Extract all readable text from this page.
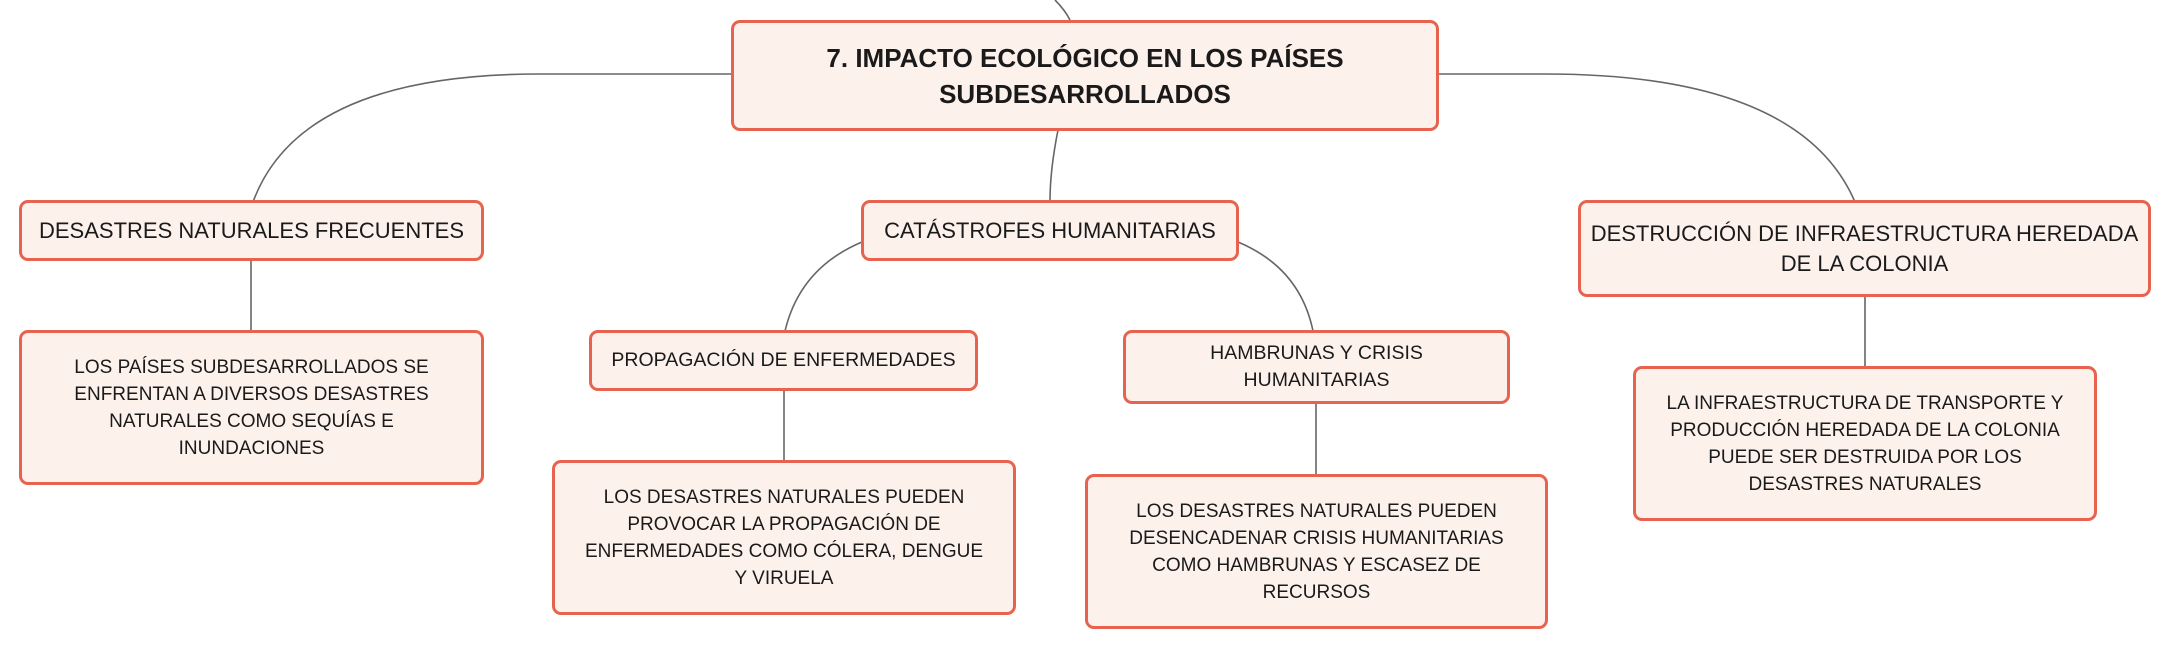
7. IMPACTO ECOLÓGICO EN LOS PAÍSES SUBDESARROLLADOS
DESASTRES NATURALES FRECUENTES
LOS PAÍSES SUBDESARROLLADOS SE ENFRENTAN A DIVERSOS DESASTRES NATURALES COMO SEQUÍAS E INUNDACIONES
CATÁSTROFES HUMANITARIAS
PROPAGACIÓN DE ENFERMEDADES
LOS DESASTRES NATURALES PUEDEN PROVOCAR LA PROPAGACIÓN DE ENFERMEDADES COMO CÓLERA, DENGUE Y VIRUELA
HAMBRUNAS Y CRISIS HUMANITARIAS
LOS DESASTRES NATURALES PUEDEN DESENCADENAR CRISIS HUMANITARIAS COMO HAMBRUNAS Y ESCASEZ DE RECURSOS
DESTRUCCIÓN DE INFRAESTRUCTURA HEREDADA DE LA COLONIA
LA INFRAESTRUCTURA DE TRANSPORTE Y PRODUCCIÓN HEREDADA DE LA COLONIA PUEDE SER DESTRUIDA POR LOS DESASTRES NATURALES
